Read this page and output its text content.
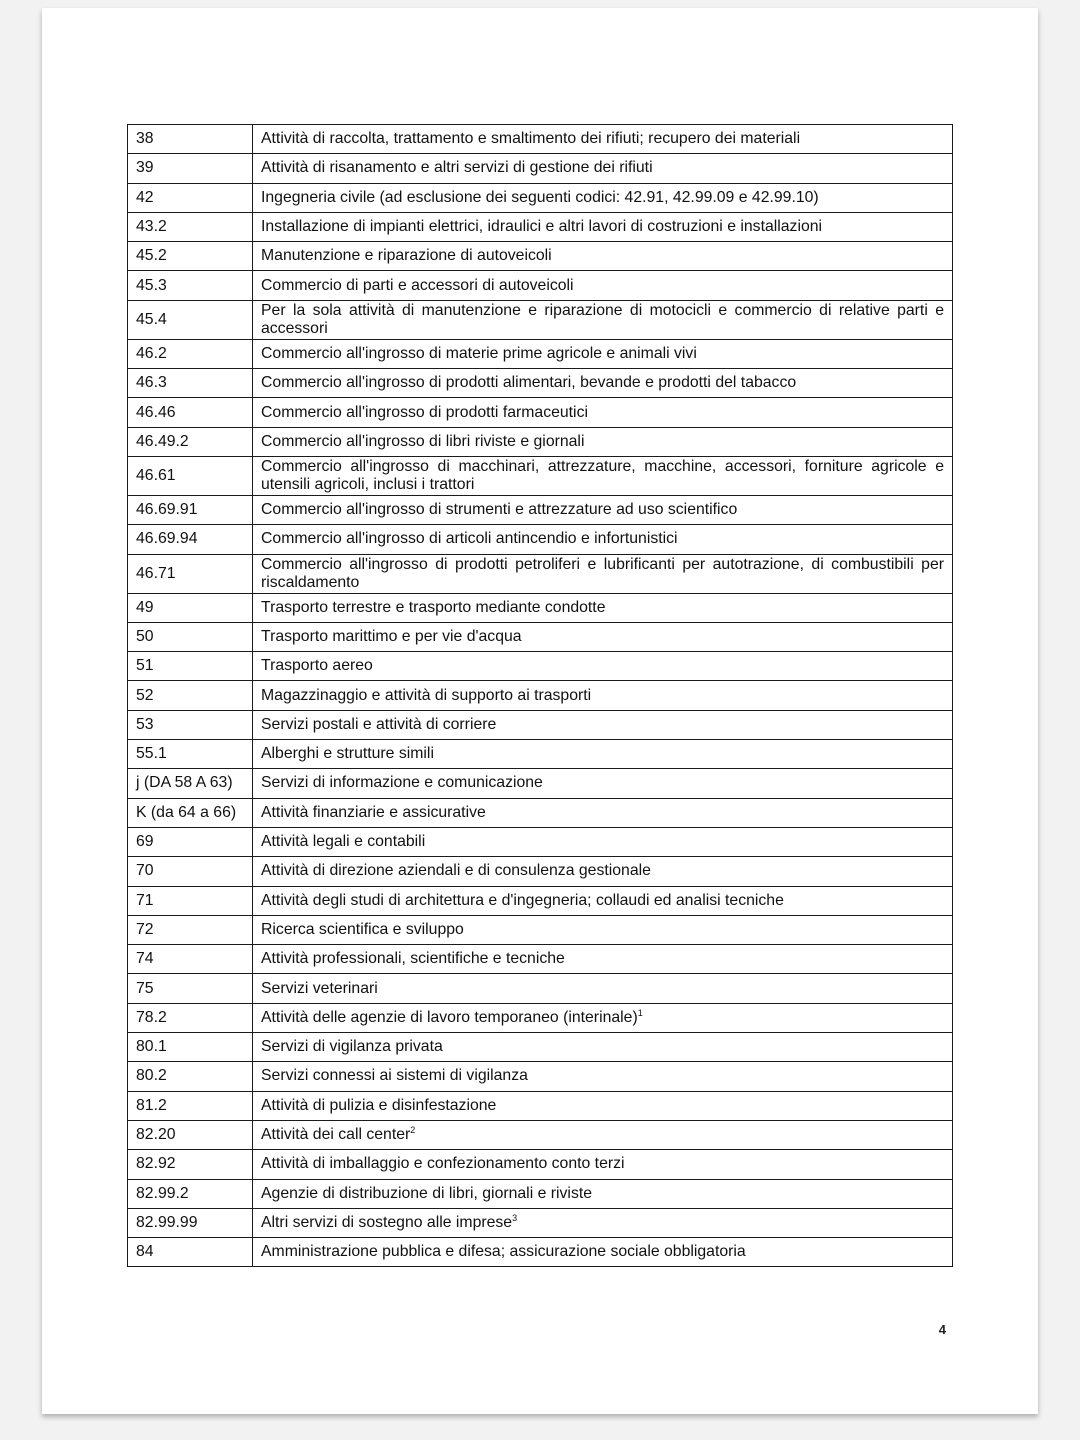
38	Attività di raccolta, trattamento e smaltimento dei rifiuti; recupero dei materiali
39	Attività di risanamento e altri servizi di gestione dei rifiuti
42	Ingegneria civile (ad esclusione dei seguenti codici: 42.91, 42.99.09 e 42.99.10)
43.2	Installazione di impianti elettrici, idraulici e altri lavori di costruzioni e installazioni
45.2	Manutenzione e riparazione di autoveicoli
45.3	Commercio di parti e accessori di autoveicoli
45.4	Per la sola attività di manutenzione e riparazione di motocicli e commercio di relative parti e accessori
46.2	Commercio all'ingrosso di materie prime agricole e animali vivi
46.3	Commercio all'ingrosso di prodotti alimentari, bevande e prodotti del tabacco
46.46	Commercio all'ingrosso di prodotti farmaceutici
46.49.2	Commercio all'ingrosso di libri riviste e giornali
46.61	Commercio all'ingrosso di macchinari, attrezzature, macchine, accessori, forniture agricole e utensili agricoli, inclusi i trattori
46.69.91	Commercio all'ingrosso di strumenti e attrezzature ad uso scientifico
46.69.94	Commercio all'ingrosso di articoli antincendio e infortunistici
46.71	Commercio all'ingrosso di prodotti petroliferi e lubrificanti per autotrazione, di combustibili per riscaldamento
49	Trasporto terrestre e trasporto mediante condotte
50	Trasporto marittimo e per vie d'acqua
51	Trasporto aereo
52	Magazzinaggio e attività di supporto ai trasporti
53	Servizi postali e attività di corriere
55.1	Alberghi e strutture simili
j (DA 58 A 63)	Servizi di informazione e comunicazione
K (da 64 a 66)	Attività finanziarie e assicurative
69	Attività legali e contabili
70	Attività di direzione aziendali e di consulenza gestionale
71	Attività degli studi di architettura e d'ingegneria; collaudi ed analisi tecniche
72	Ricerca scientifica e sviluppo
74	Attività professionali, scientifiche e tecniche
75	Servizi veterinari
78.2	Attività delle agenzie di lavoro temporaneo (interinale)$^1$
80.1	Servizi di vigilanza privata
80.2	Servizi connessi ai sistemi di vigilanza
81.2	Attività di pulizia e disinfestazione
82.20	Attività dei call center$^2$
82.92	Attività di imballaggio e confezionamento conto terzi
82.99.2	Agenzie di distribuzione di libri, giornali e riviste
82.99.99	Altri servizi di sostegno alle imprese$^3$
84	Amministrazione pubblica e difesa; assicurazione sociale obbligatoria
4
